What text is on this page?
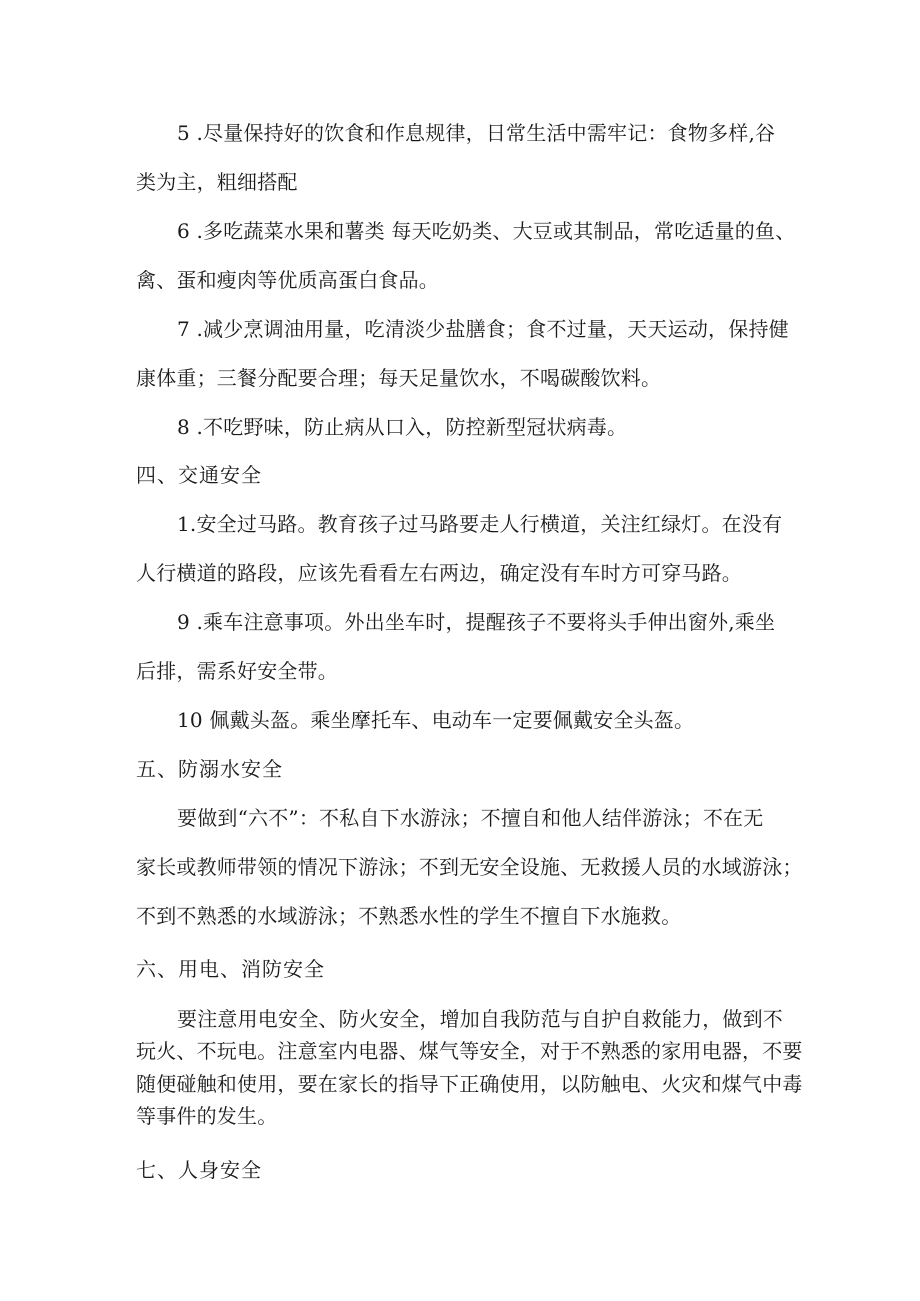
5 .尽量保持好的饮食和作息规律，日常生活中需牢记：食物多样,谷
类为主，粗细搭配
6 .多吃蔬菜水果和薯类 每天吃奶类、大豆或其制品，常吃适量的鱼、
禽、蛋和瘦肉等优质高蛋白食品。
7 .减少烹调油用量，吃清淡少盐膳食；食不过量，天天运动，保持健
康体重；三餐分配要合理；每天足量饮水，不喝碳酸饮料。
8 .不吃野味，防止病从口入，防控新型冠状病毒。
四、交通安全
1.安全过马路。教育孩子过马路要走人行横道，关注红绿灯。在没有
人行横道的路段，应该先看看左右两边，确定没有车时方可穿马路。
9 .乘车注意事项。外出坐车时，提醒孩子不要将头手伸出窗外,乘坐
后排，需系好安全带。
10 佩戴头盔。乘坐摩托车、电动车一定要佩戴安全头盔。
五、防溺水安全
要做到“六不”：不私自下水游泳；不擅自和他人结伴游泳；不在无
家长或教师带领的情况下游泳；不到无安全设施、无救援人员的水域游泳；
不到不熟悉的水域游泳；不熟悉水性的学生不擅自下水施救。
六、用电、消防安全
要注意用电安全、防火安全，增加自我防范与自护自救能力，做到不
玩火、不玩电。注意室内电器、煤气等安全，对于不熟悉的家用电器，不要
随便碰触和使用，要在家长的指导下正确使用，以防触电、火灾和煤气中毒
等事件的发生。
七、人身安全
